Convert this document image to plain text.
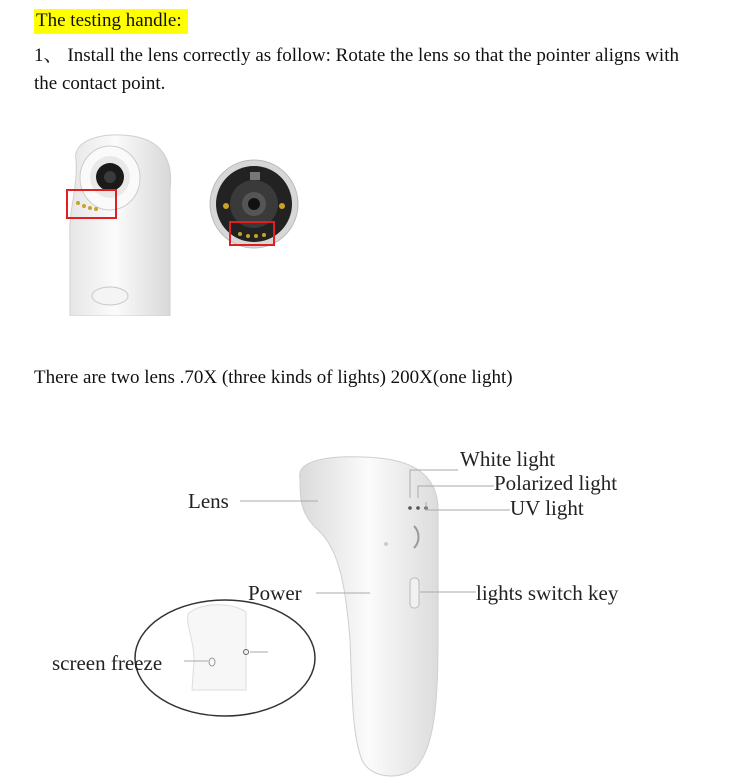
The testing handle:
1、 Install the lens correctly as follow: Rotate the lens so that the pointer aligns with the contact point.
There are two lens .70X (three kinds of lights) 200X(one light)
Lens
Power
screen freeze
White light
Polarized light
UV light
lights switch key
